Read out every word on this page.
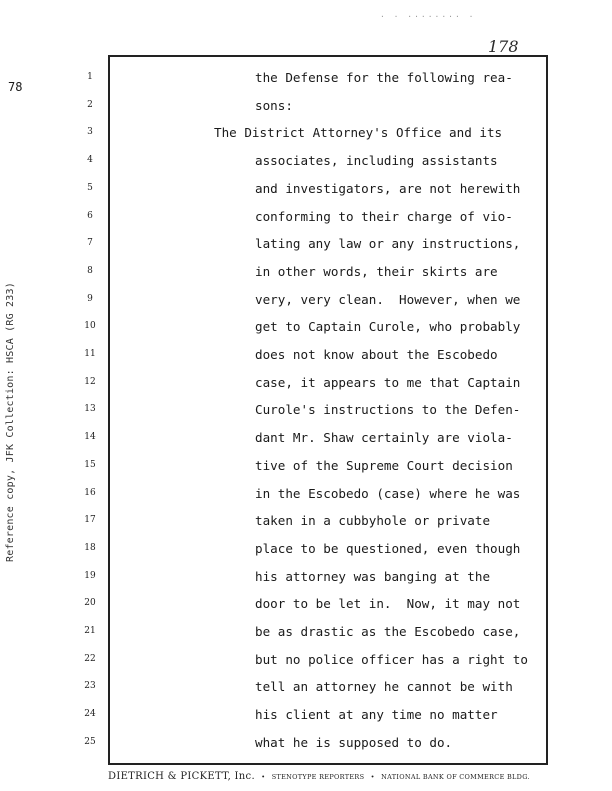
78
· · ········ ·
178
Reference copy, JFK Collection: HSCA (RG 233)
1
2
3
4
5
6
7
8
9
10
11
12
13
14
15
16
17
18
19
20
21
22
23
24
25
the Defense for the following rea-
sons:
The District Attorney's Office and its
associates, including assistants
and investigators, are not herewith
conforming to their charge of vio-
lating any law or any instructions,
in other words, their skirts are
very, very clean.  However, when we
get to Captain Curole, who probably
does not know about the Escobedo
case, it appears to me that Captain
Curole's instructions to the Defen-
dant Mr. Shaw certainly are viola-
tive of the Supreme Court decision
in the Escobedo (case) where he was
taken in a cubbyhole or private
place to be questioned, even though
his attorney was banging at the
door to be let in.  Now, it may not
be as drastic as the Escobedo case,
but no police officer has a right to
tell an attorney he cannot be with
his client at any time no matter
what he is supposed to do.
DIETRICH & PICKETT, Inc. • STENOTYPE REPORTERS • NATIONAL BANK OF COMMERCE BLDG.
